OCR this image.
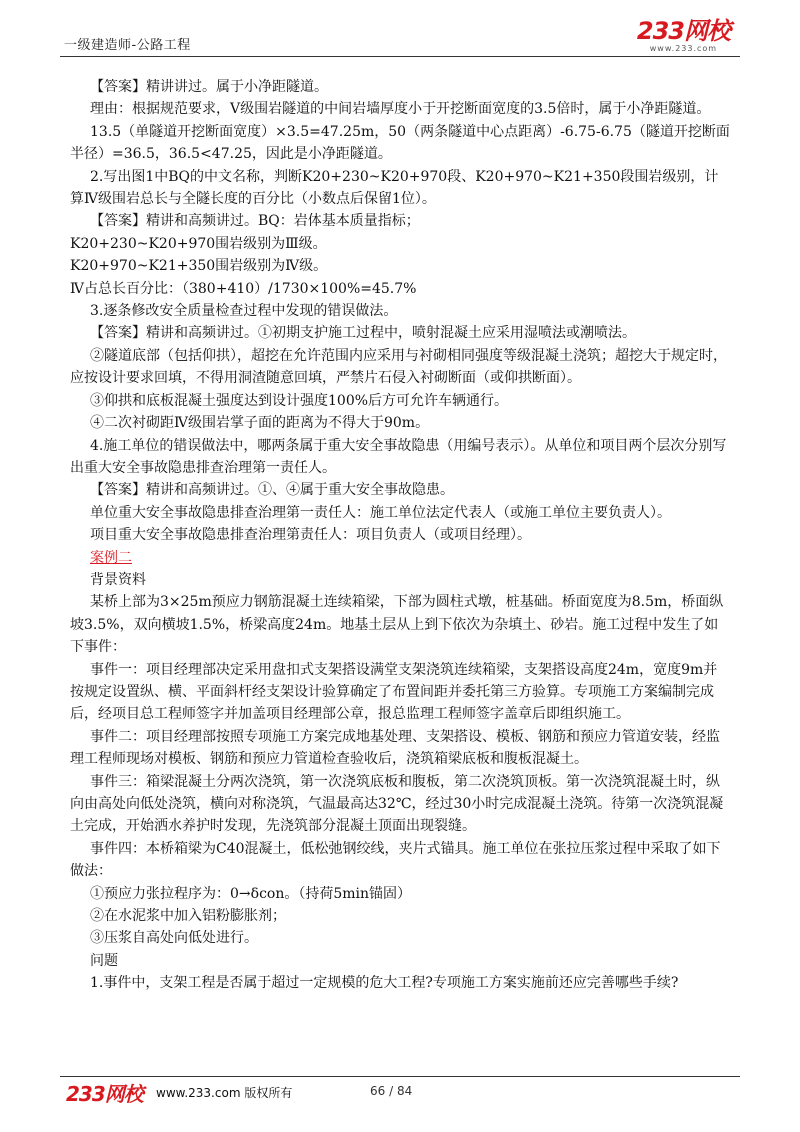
一级建造师-公路工程
233网校
www.233.com

【答案】精讲讲过。属于小净距隧道。

理由：根据规范要求，Ⅴ级围岩隧道的中间岩墙厚度小于开挖断面宽度的3.5倍时，属于小净距隧道。

13.5（单隧道开挖断面宽度）×3.5=47.25m，50（两条隧道中心点距离）-6.75-6.75（隧道开挖断面半径）=36.5，36.5<47.25，因此是小净距隧道。

2.写出图1中BQ的中文名称，判断K20+230~K20+970段、K20+970~K21+350段围岩级别，计算Ⅳ级围岩总长与全隧长度的百分比（小数点后保留1位）。

【答案】精讲和高频讲过。BQ：岩体基本质量指标；

K20+230~K20+970围岩级别为Ⅲ级。

K20+970~K21+350围岩级别为Ⅳ级。

Ⅳ占总长百分比：（380+410）/1730×100%=45.7%

3.逐条修改安全质量检查过程中发现的错误做法。

【答案】精讲和高频讲过。①初期支护施工过程中，喷射混凝土应采用湿喷法或潮喷法。

②隧道底部（包括仰拱），超挖在允许范围内应采用与衬砌相同强度等级混凝土浇筑；超挖大于规定时，应按设计要求回填，不得用洞渣随意回填，严禁片石侵入衬砌断面（或仰拱断面）。

③仰拱和底板混凝土强度达到设计强度100%后方可允许车辆通行。

④二次衬砌距Ⅳ级围岩掌子面的距离为不得大于90m。

4.施工单位的错误做法中，哪两条属于重大安全事故隐患（用编号表示）。从单位和项目两个层次分别写出重大安全事故隐患排查治理第一责任人。

【答案】精讲和高频讲过。①、④属于重大安全事故隐患。

单位重大安全事故隐患排查治理第一责任人：施工单位法定代表人（或施工单位主要负责人）。

项目重大安全事故隐患排查治理第责任人：项目负责人（或项目经理）。

案例二

背景资料

某桥上部为3×25m预应力钢筋混凝土连续箱梁，下部为圆柱式墩，桩基础。桥面宽度为8.5m，桥面纵坡3.5%，双向横坡1.5%，桥梁高度24m。地基土层从上到下依次为杂填土、砂岩。施工过程中发生了如下事件：

事件一：项目经理部决定采用盘扣式支架搭设满堂支架浇筑连续箱梁，支架搭设高度24m，宽度9m并按规定设置纵、横、平面斜杆经支架设计验算确定了布置间距并委托第三方验算。专项施工方案编制完成后，经项目总工程师签字并加盖项目经理部公章，报总监理工程师签字盖章后即组织施工。

事件二：项目经理部按照专项施工方案完成地基处理、支架搭设、模板、钢筋和预应力管道安装，经监理工程师现场对模板、钢筋和预应力管道检查验收后，浇筑箱梁底板和腹板混凝土。

事件三：箱梁混凝土分两次浇筑，第一次浇筑底板和腹板，第二次浇筑顶板。第一次浇筑混凝土时，纵向由高处向低处浇筑，横向对称浇筑，气温最高达32℃，经过30小时完成混凝土浇筑。待第一次浇筑混凝土完成，开始洒水养护时发现，先浇筑部分混凝土顶面出现裂缝。

事件四：本桥箱梁为C40混凝土，低松弛钢绞线，夹片式锚具。施工单位在张拉压浆过程中采取了如下做法：

①预应力张拉程序为：0→δcon。（持荷5min锚固）

②在水泥浆中加入铝粉膨胀剂；

③压浆自高处向低处进行。

问题

1.事件中，支架工程是否属于超过一定规模的危大工程?专项施工方案实施前还应完善哪些手续?

233网校 www.233.com 版权所有	66 / 84
